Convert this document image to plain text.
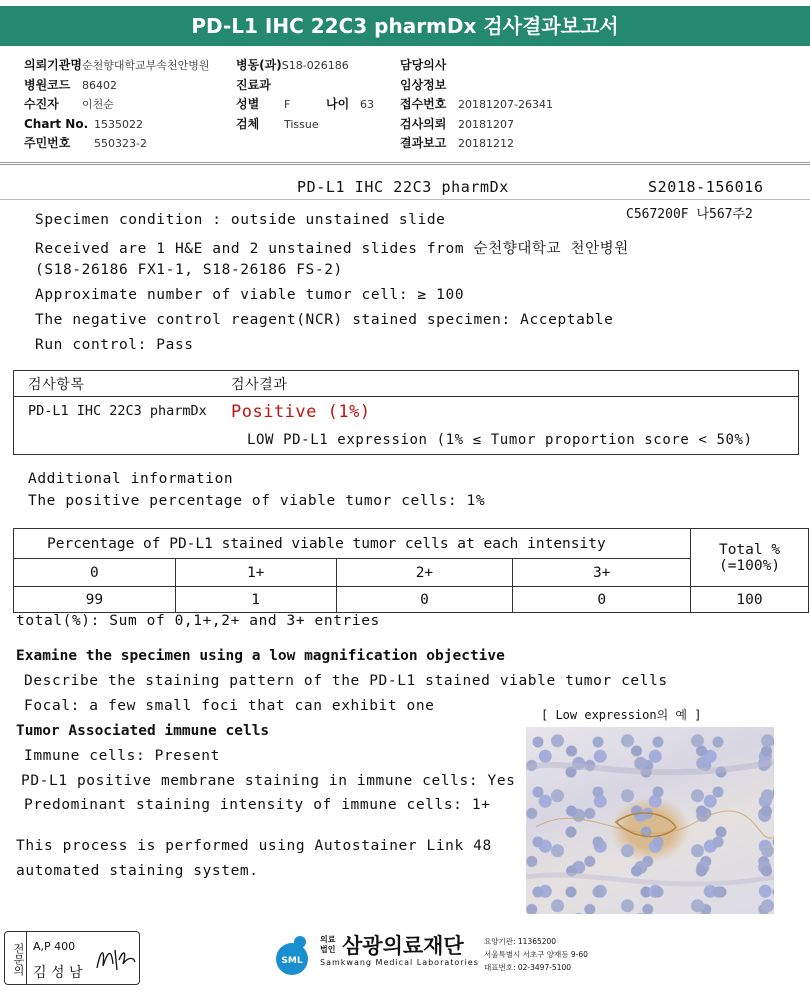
PD-L1 IHC 22C3 pharmDx 검사결과보고서
의뢰기관명순천향대학교부속천안병원
병원코드 86402
수진자 이천순
Chart No. 1535022
주민번호 550323-2
병동(과)S18-026186
진료과
성별 F	나이 63
검체 Tissue
담당의사
임상정보
접수번호 20181207-26341
검사의뢰 20181207
결과보고 20181212
PD-L1 IHC 22C3 pharmDx	S2018-156016
C567200F 나567주2
Specimen condition : outside unstained slide
Received are 1 H&E and 2 unstained slides from 순천향대학교 천안병원
(S18-26186 FX1-1, S18-26186 FS-2)
Approximate number of viable tumor cell: ≥ 100
The negative control reagent(NCR) stained specimen: Acceptable
Run control: Pass
검사항목	검사결과
PD-L1 IHC 22C3 pharmDx Positive (1%)
LOW PD-L1 expression (1% ≤ Tumor proportion score < 50%)
Additional information
The positive percentage of viable tumor cells: 1%
Percentage of PD-L1 stained viable tumor cells at each intensity				Total %
(=100%)

0	1+	2+	3+	
99	1	0	0	100
total(%): Sum of 0,1+,2+ and 3+ entries
Examine the specimen using a low magnification objective
Describe the staining pattern of the PD-L1 stained viable tumor cells
Focal: a few small foci that can exhibit one
Tumor Associated immune cells
Immune cells: Present
PD-L1 positive membrane staining in immune cells: Yes
Predominant staining intensity of immune cells: 1+
This process is performed using Autostainer Link 48
automated staining system.
[ Low expression의 예 ]
전문의 A,P 400
김 성 남
SML
의료
법인 삼광의료재단
Samkwang Medical Laboratories
요양기관: 11365200
서울특별시 서초구 양재동 9-60
대표번호: 02-3497-5100
